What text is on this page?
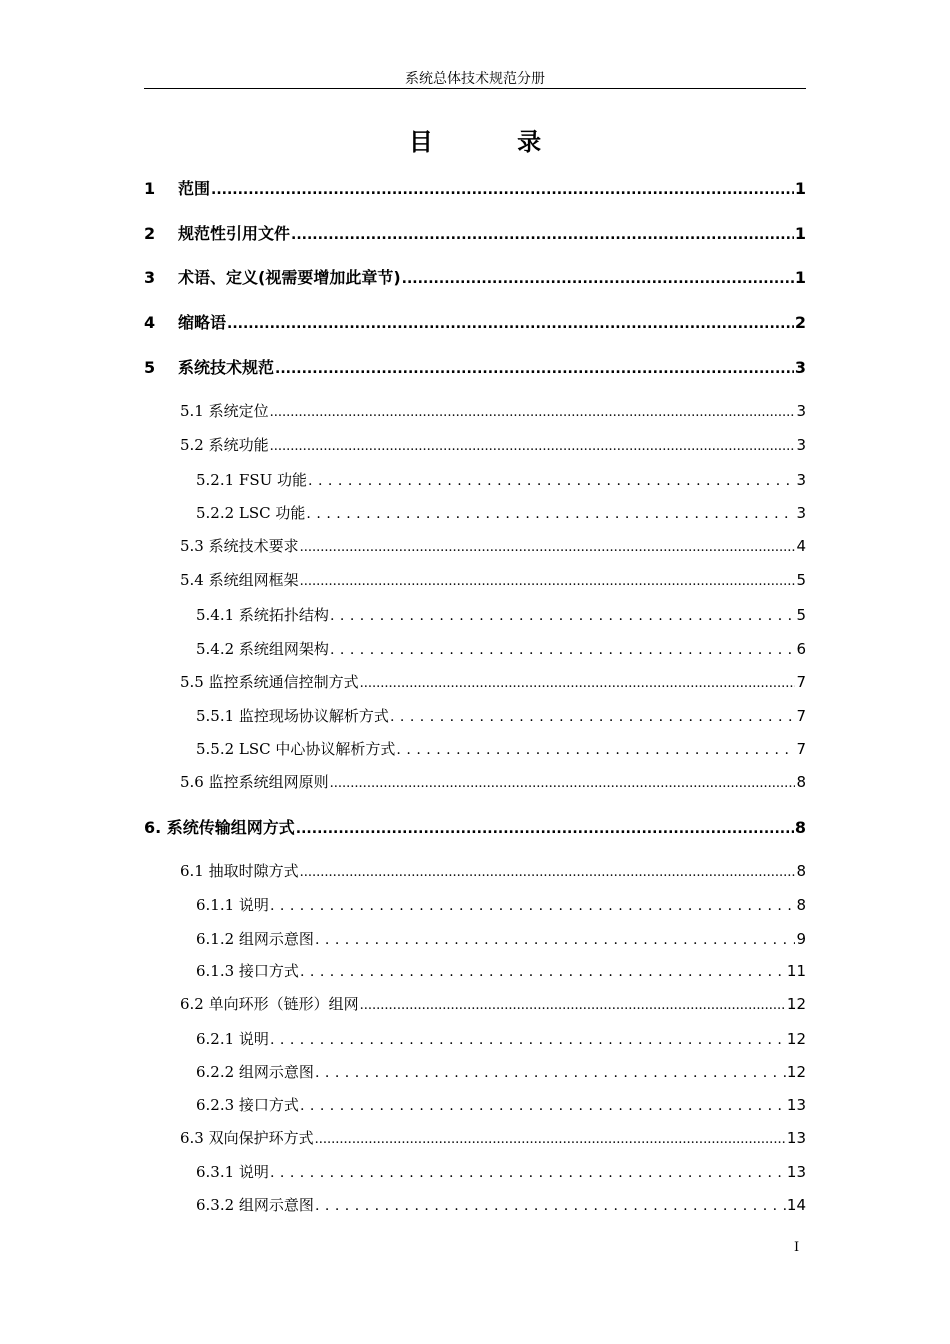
系统总体技术规范分册
目 录
1	范围 .....	1
2	规范性引用文件 .....	1
3	术语、定义(视需要增加此章节) .....	1
4	缩略语 .....	2
5	系统技术规范 .....	3
5.1 系统定位 .....	3
5.2 系统功能 .....	3
5.2.1 FSU 功能 .....	3
5.2.2 LSC 功能 .....	3
5.3 系统技术要求 .....	4
5.4 系统组网框架 .....	5
5.4.1 系统拓扑结构 .....	5
5.4.2 系统组网架构 .....	6
5.5 监控系统通信控制方式 .....	7
5.5.1 监控现场协议解析方式 .....	7
5.5.2 LSC 中心协议解析方式 .....	7
5.6 监控系统组网原则 .....	8
6. 系统传输组网方式 .....	8
6.1 抽取时隙方式 .....	8
6.1.1 说明 .....	8
6.1.2 组网示意图 .....	9
6.1.3 接口方式 .....	11
6.2 单向环形（链形）组网 .....	12
6.2.1 说明 .....	12
6.2.2 组网示意图 .....	12
6.2.3 接口方式 .....	13
6.3 双向保护环方式 .....	13
6.3.1 说明 .....	13
6.3.2 组网示意图 .....	14
I
